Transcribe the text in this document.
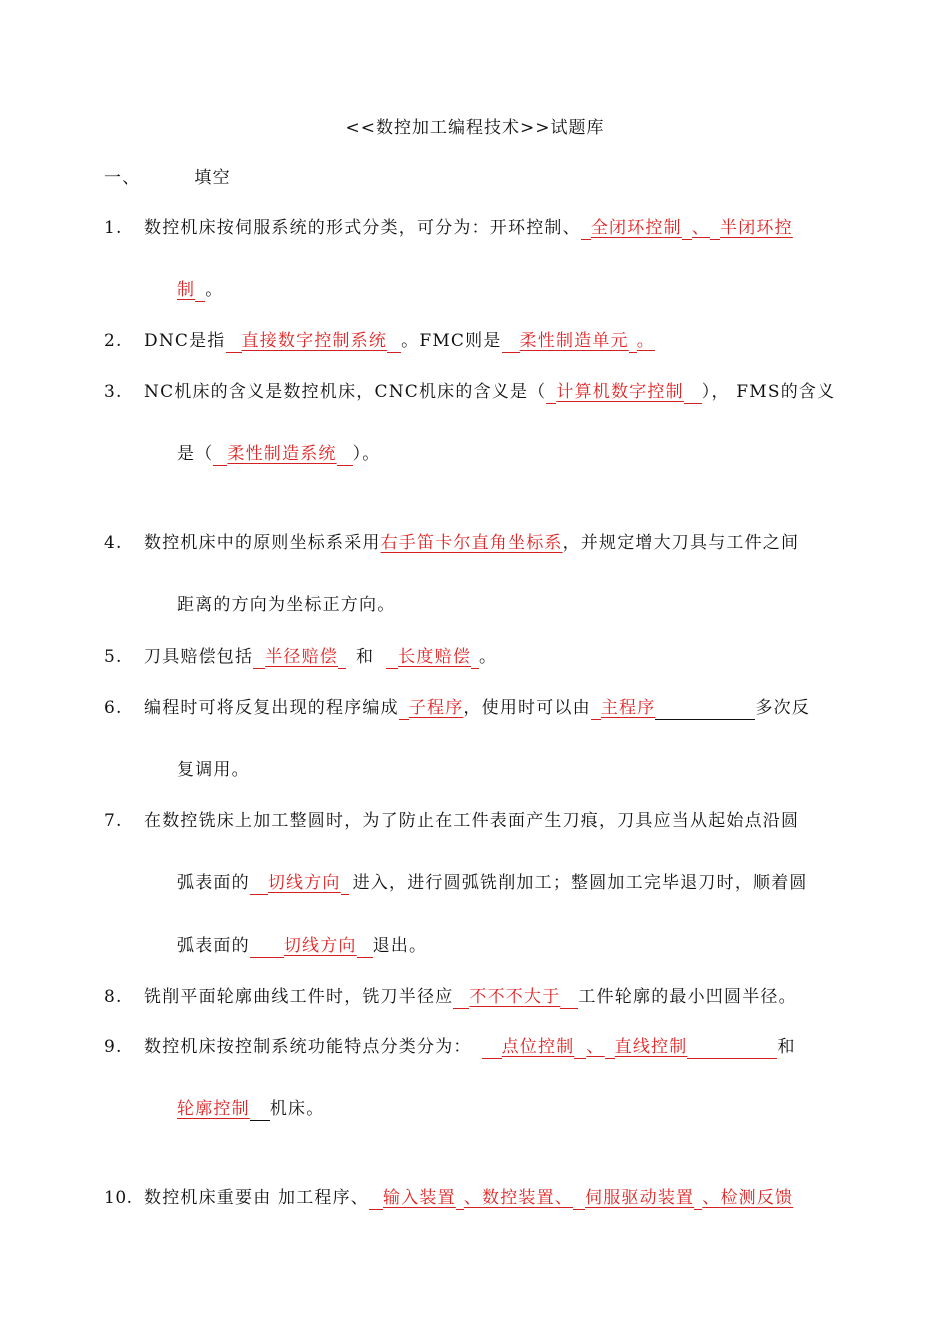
<<数控加工编程技术>>试题库
一、	填空
1. 数控机床按伺服系统的形式分类，可分为：开环控制、 全闭环控制 、 半闭环控
制 。
2. DNC是指 直接数字控制系统 。FMC则是 柔性制造单元 。
3. NC机床的含义是数控机床，CNC机床的含义是（ 计算机数字控制 ）， FMS的含义
是（ 柔性制造系统 ）。
4. 数控机床中的原则坐标系采用右手笛卡尔直角坐标系，并规定增大刀具与工件之间
距离的方向为坐标正方向。
5. 刀具赔偿包括 半径赔偿 和 长度赔偿 。
6. 编程时可将反复出现的程序编成 子程序，使用时可以由 主程序	多次反
复调用。
7. 在数控铣床上加工整圆时，为了防止在工件表面产生刀痕，刀具应当从起始点沿圆
弧表面的 切线方向 进入，进行圆弧铣削加工；整圆加工完毕退刀时，顺着圆
弧表面的 切线方向 退出。
8. 铣削平面轮廓曲线工件时，铣刀半径应 不不不大于 工件轮廓的最小凹圆半径。
9. 数控机床按控制系统功能特点分类分为： 点位控制 、 直线控制	和
轮廓控制 机床。
10. 数控机床重要由 加工程序、 输入装置 、数控装置、 伺服驱动装置 、检测反馈
